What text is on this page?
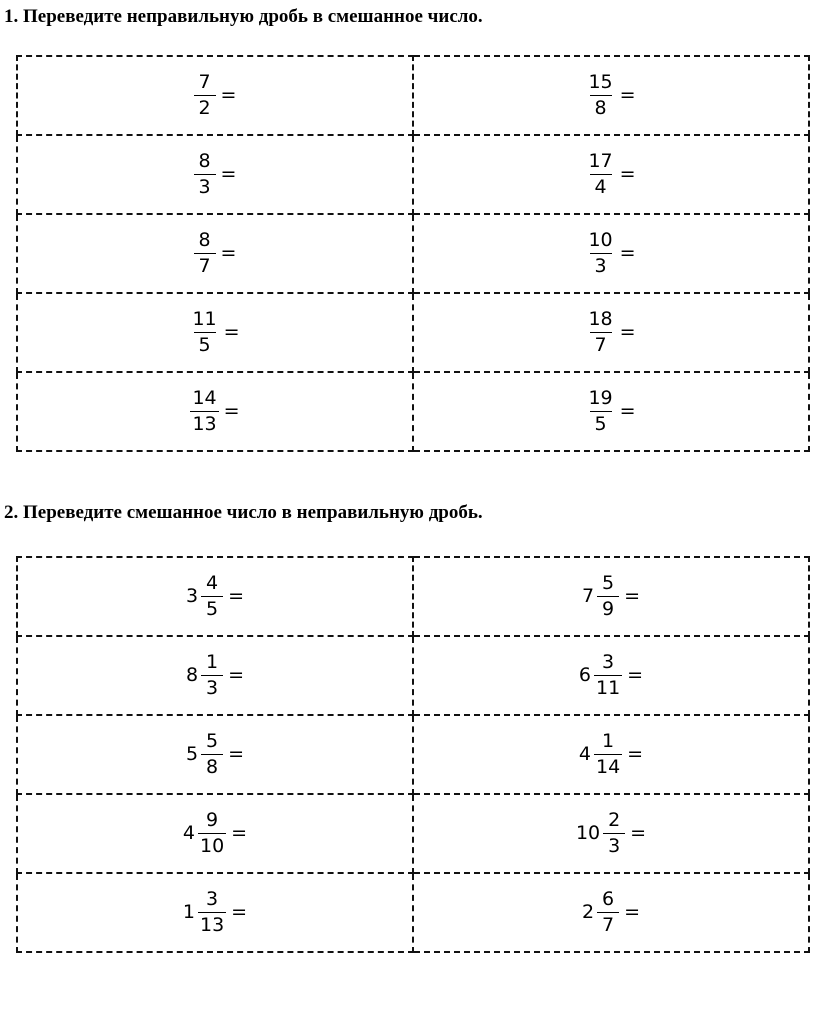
1. Переведите неправильную дробь в смешанное число.
$\frac{7}{2}$ =	$\frac{15}{8}$ =

$\frac{8}{3}$ =	$\frac{17}{4}$ =

$\frac{8}{7}$ =	$\frac{10}{3}$ =

$\frac{11}{5}$ =	$\frac{18}{7}$ =

$\frac{14}{13}$ =	$\frac{19}{5}$ =
2. Переведите смешанное число в неправильную дробь.
$3 \frac{4}{5}$ =	$7 \frac{5}{9}$ =

$8 \frac{1}{3}$ =	$6 \frac{3}{11}$ =

$5 \frac{5}{8}$ =	$4 \frac{1}{14}$ =

$4 \frac{9}{10}$ =	$10 \frac{2}{3}$ =

$1 \frac{3}{13}$ =	$2 \frac{6}{7}$ =
